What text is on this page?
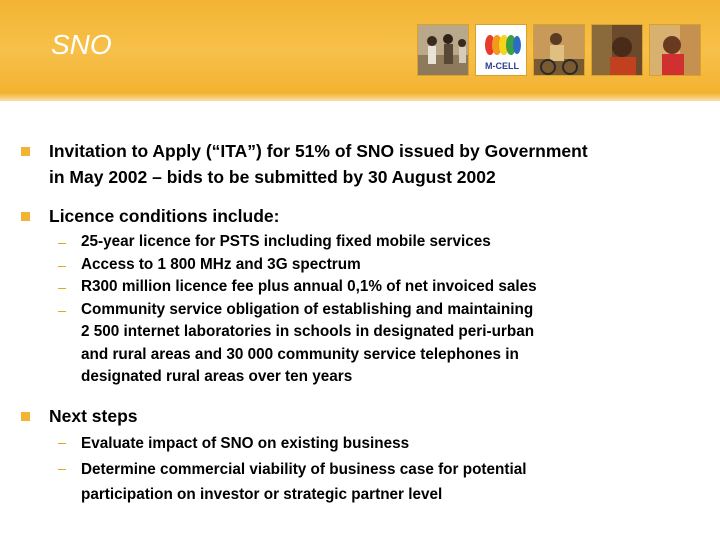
SNO
M-CELL
Invitation to Apply (“ITA”) for 51% of SNO issued by Government
in May 2002 – bids to be submitted by 30 August 2002
Licence conditions include:
25-year licence for PSTS including fixed mobile services
Access to 1 800 MHz and 3G spectrum
R300 million licence fee plus annual 0,1% of net invoiced sales
Community service obligation of establishing and maintaining
2 500 internet laboratories in schools in designated peri-urban
and rural areas and 30 000 community service telephones in
designated rural areas over ten years
Next steps
Evaluate impact of SNO on existing business
Determine commercial viability of business case for potential
participation on investor or strategic partner level
